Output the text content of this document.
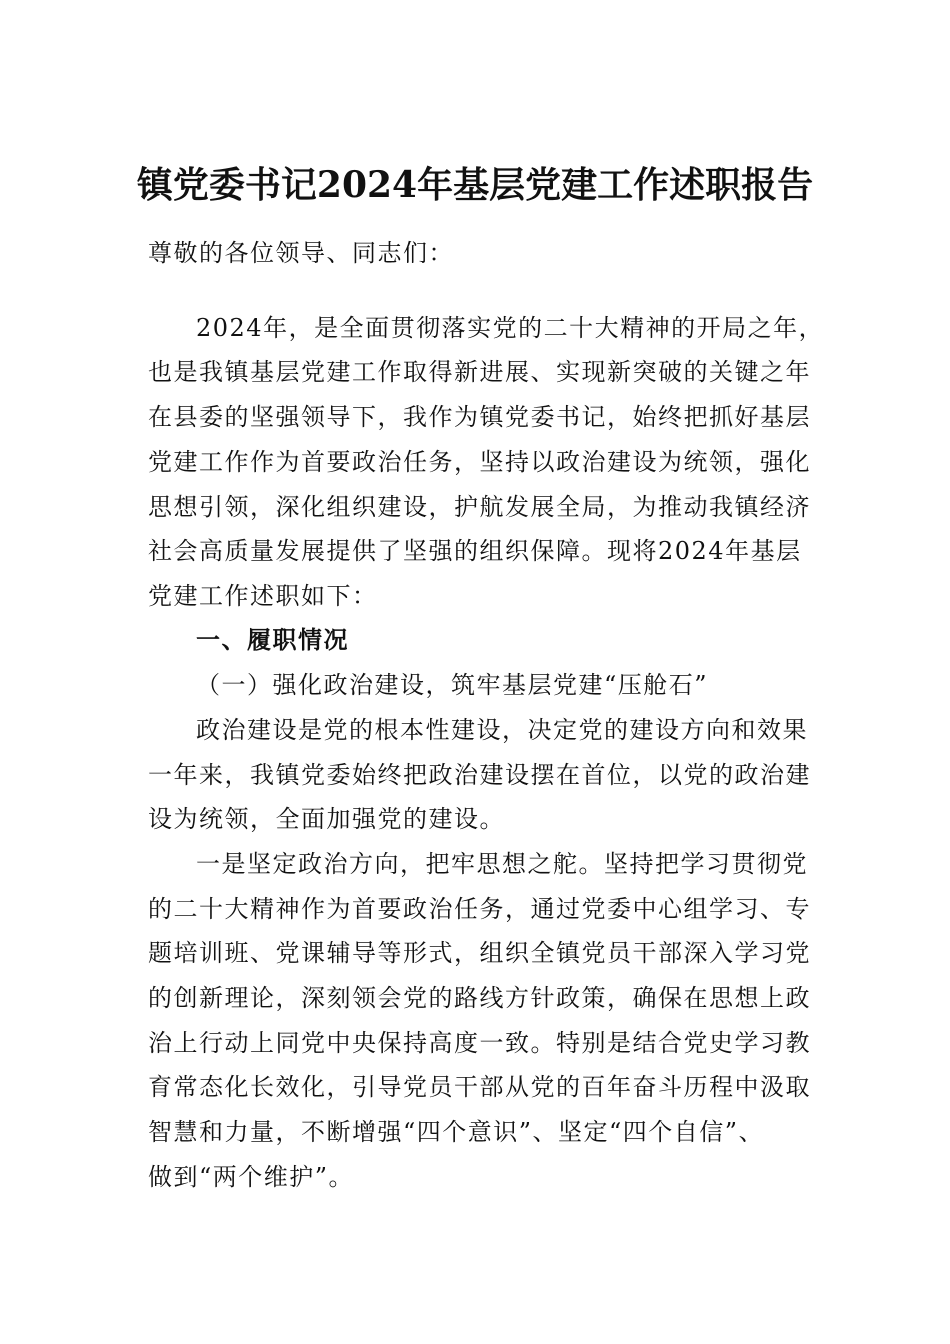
镇党委书记2024年基层党建工作述职报告
尊敬的各位领导、同志们：
2024年，是全面贯彻落实党的二十大精神的开局之年，
也是我镇基层党建工作取得新进展、实现新突破的关键之年
在县委的坚强领导下，我作为镇党委书记，始终把抓好基层
党建工作作为首要政治任务，坚持以政治建设为统领，强化
思想引领，深化组织建设，护航发展全局，为推动我镇经济
社会高质量发展提供了坚强的组织保障。现将2024年基层
党建工作述职如下：
一、履职情况
（一）强化政治建设，筑牢基层党建“压舱石”
政治建设是党的根本性建设，决定党的建设方向和效果
一年来，我镇党委始终把政治建设摆在首位，以党的政治建
设为统领，全面加强党的建设。
一是坚定政治方向，把牢思想之舵。坚持把学习贯彻党
的二十大精神作为首要政治任务，通过党委中心组学习、专
题培训班、党课辅导等形式，组织全镇党员干部深入学习党
的创新理论，深刻领会党的路线方针政策，确保在思想上政
治上行动上同党中央保持高度一致。特别是结合党史学习教
育常态化长效化，引导党员干部从党的百年奋斗历程中汲取
智慧和力量，不断增强“四个意识”、坚定“四个自信”、
做到“两个维护”。
